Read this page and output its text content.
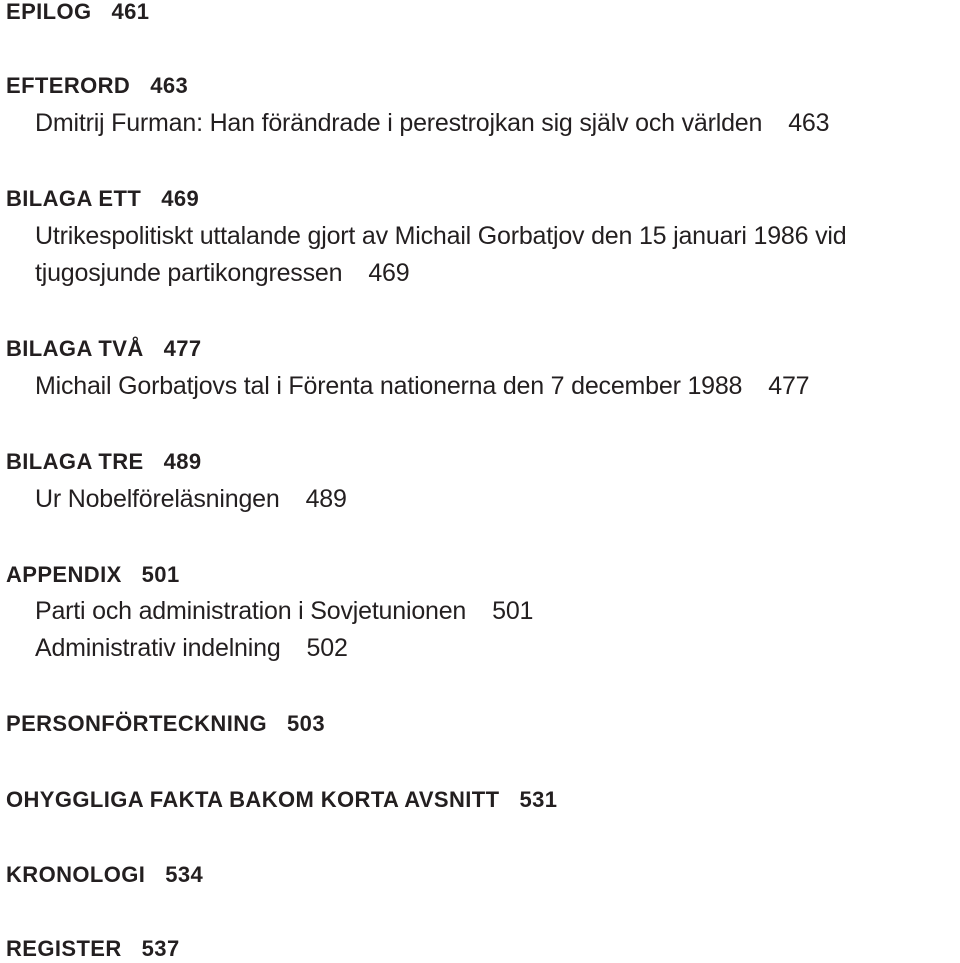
EPILOG 461
EFTERORD 463
Dmitrij Furman: Han förändrade i perestrojkan sig själv och världen 463
BILAGA ETT 469
Utrikespolitiskt uttalande gjort av Michail Gorbatjov den 15 januari 1986 vid
tjugosjunde partikongressen 469
BILAGA TVÅ 477
Michail Gorbatjovs tal i Förenta nationerna den 7 december 1988 477
BILAGA TRE 489
Ur Nobelföreläsningen 489
APPENDIX 501
Parti och administration i Sovjetunionen 501
Administrativ indelning 502
PERSONFÖRTECKNING 503
OHYGGLIGA FAKTA BAKOM KORTA AVSNITT 531
KRONOLOGI 534
REGISTER 537
